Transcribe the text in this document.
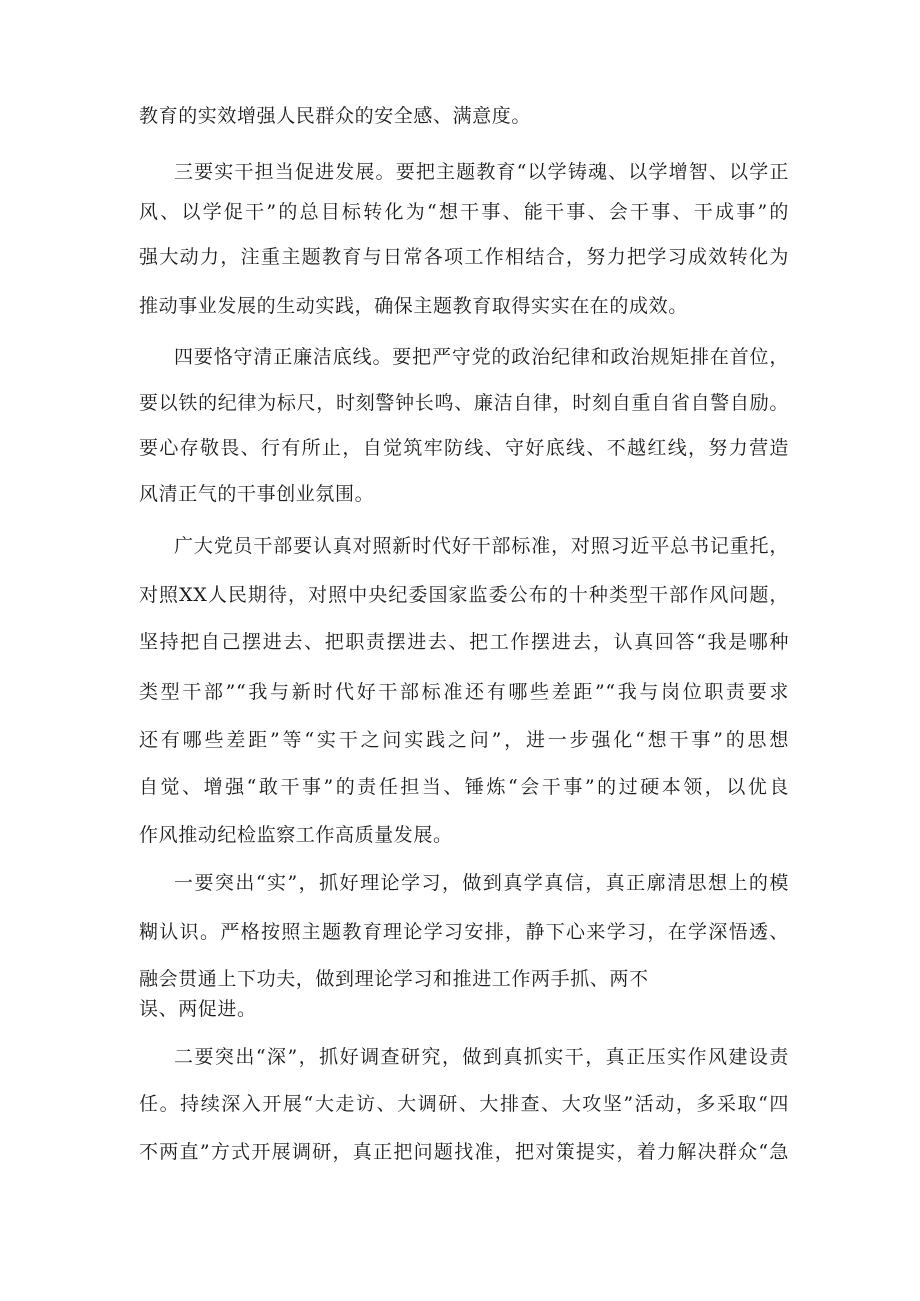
教育的实效增强人民群众的安全感、满意度。
三要实干担当促进发展。要把主题教育“以学铸魂、以学增智、以学正
风、以学促干”的总目标转化为“想干事、能干事、会干事、干成事”的
强大动力，注重主题教育与日常各项工作相结合，努力把学习成效转化为
推动事业发展的生动实践，确保主题教育取得实实在在的成效。
四要恪守清正廉洁底线。要把严守党的政治纪律和政治规矩排在首位，
要以铁的纪律为标尺，时刻警钟长鸣、廉洁自律，时刻自重自省自警自励。
要心存敬畏、行有所止，自觉筑牢防线、守好底线、不越红线，努力营造
风清正气的干事创业氛围。
广大党员干部要认真对照新时代好干部标准，对照习近平总书记重托，
对照XX人民期待，对照中央纪委国家监委公布的十种类型干部作风问题，
坚持把自己摆进去、把职责摆进去、把工作摆进去，认真回答“我是哪种
类型干部”“我与新时代好干部标准还有哪些差距”“我与岗位职责要求
还有哪些差距”等“实干之问实践之问”，进一步强化“想干事”的思想
自觉、增强“敢干事”的责任担当、锤炼“会干事”的过硬本领，以优良
作风推动纪检监察工作高质量发展。
一要突出“实”，抓好理论学习，做到真学真信，真正廓清思想上的模
糊认识。严格按照主题教育理论学习安排，静下心来学习，在学深悟透、
融会贯通上下功夫，做到理论学习和推进工作两手抓、两不
误、两促进。
二要突出“深”，抓好调查研究，做到真抓实干，真正压实作风建设责
任。持续深入开展“大走访、大调研、大排查、大攻坚”活动，多采取“四
不两直”方式开展调研，真正把问题找准，把对策提实，着力解决群众“急
